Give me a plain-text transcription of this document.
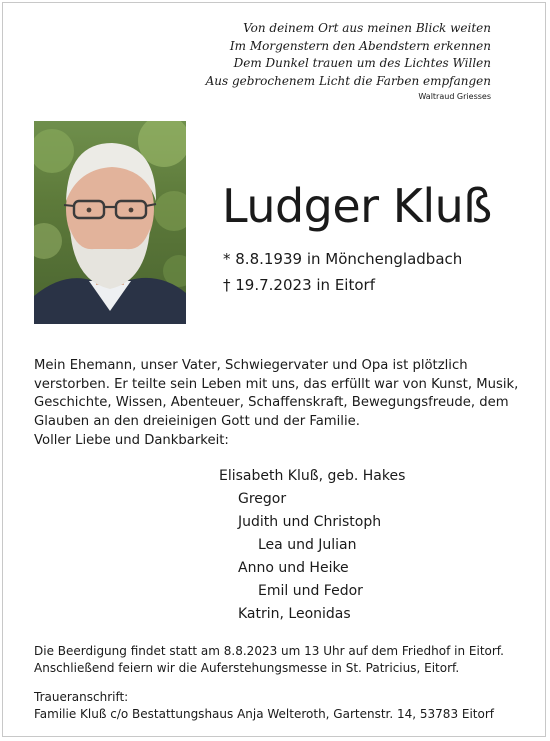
Von deinem Ort aus meinen Blick weiten
Im Morgenstern den Abendstern erkennen
Dem Dunkel trauen um des Lichtes Willen
Aus gebrochenem Licht die Farben empfangen
Waltraud Griesses
Ludger Kluß
* 8.8.1939 in Mönchengladbach
† 19.7.2023 in Eitorf
Mein Ehemann, unser Vater, Schwiegervater und Opa ist plötzlich
verstorben. Er teilte sein Leben mit uns, das erfüllt war von Kunst, Musik,
Geschichte, Wissen, Abenteuer, Schaffenskraft, Bewegungsfreude, dem
Glauben an den dreieinigen Gott und der Familie.
Voller Liebe und Dankbarkeit:
Elisabeth Kluß, geb. Hakes
Gregor
Judith und Christoph
Lea und Julian
Anno und Heike
Emil und Fedor
Katrin, Leonidas
Die Beerdigung findet statt am 8.8.2023 um 13 Uhr auf dem Friedhof in Eitorf.
Anschließend feiern wir die Auferstehungsmesse in St. Patricius, Eitorf.
Traueranschrift:
Familie Kluß c/o Bestattungshaus Anja Welteroth, Gartenstr. 14, 53783 Eitorf
